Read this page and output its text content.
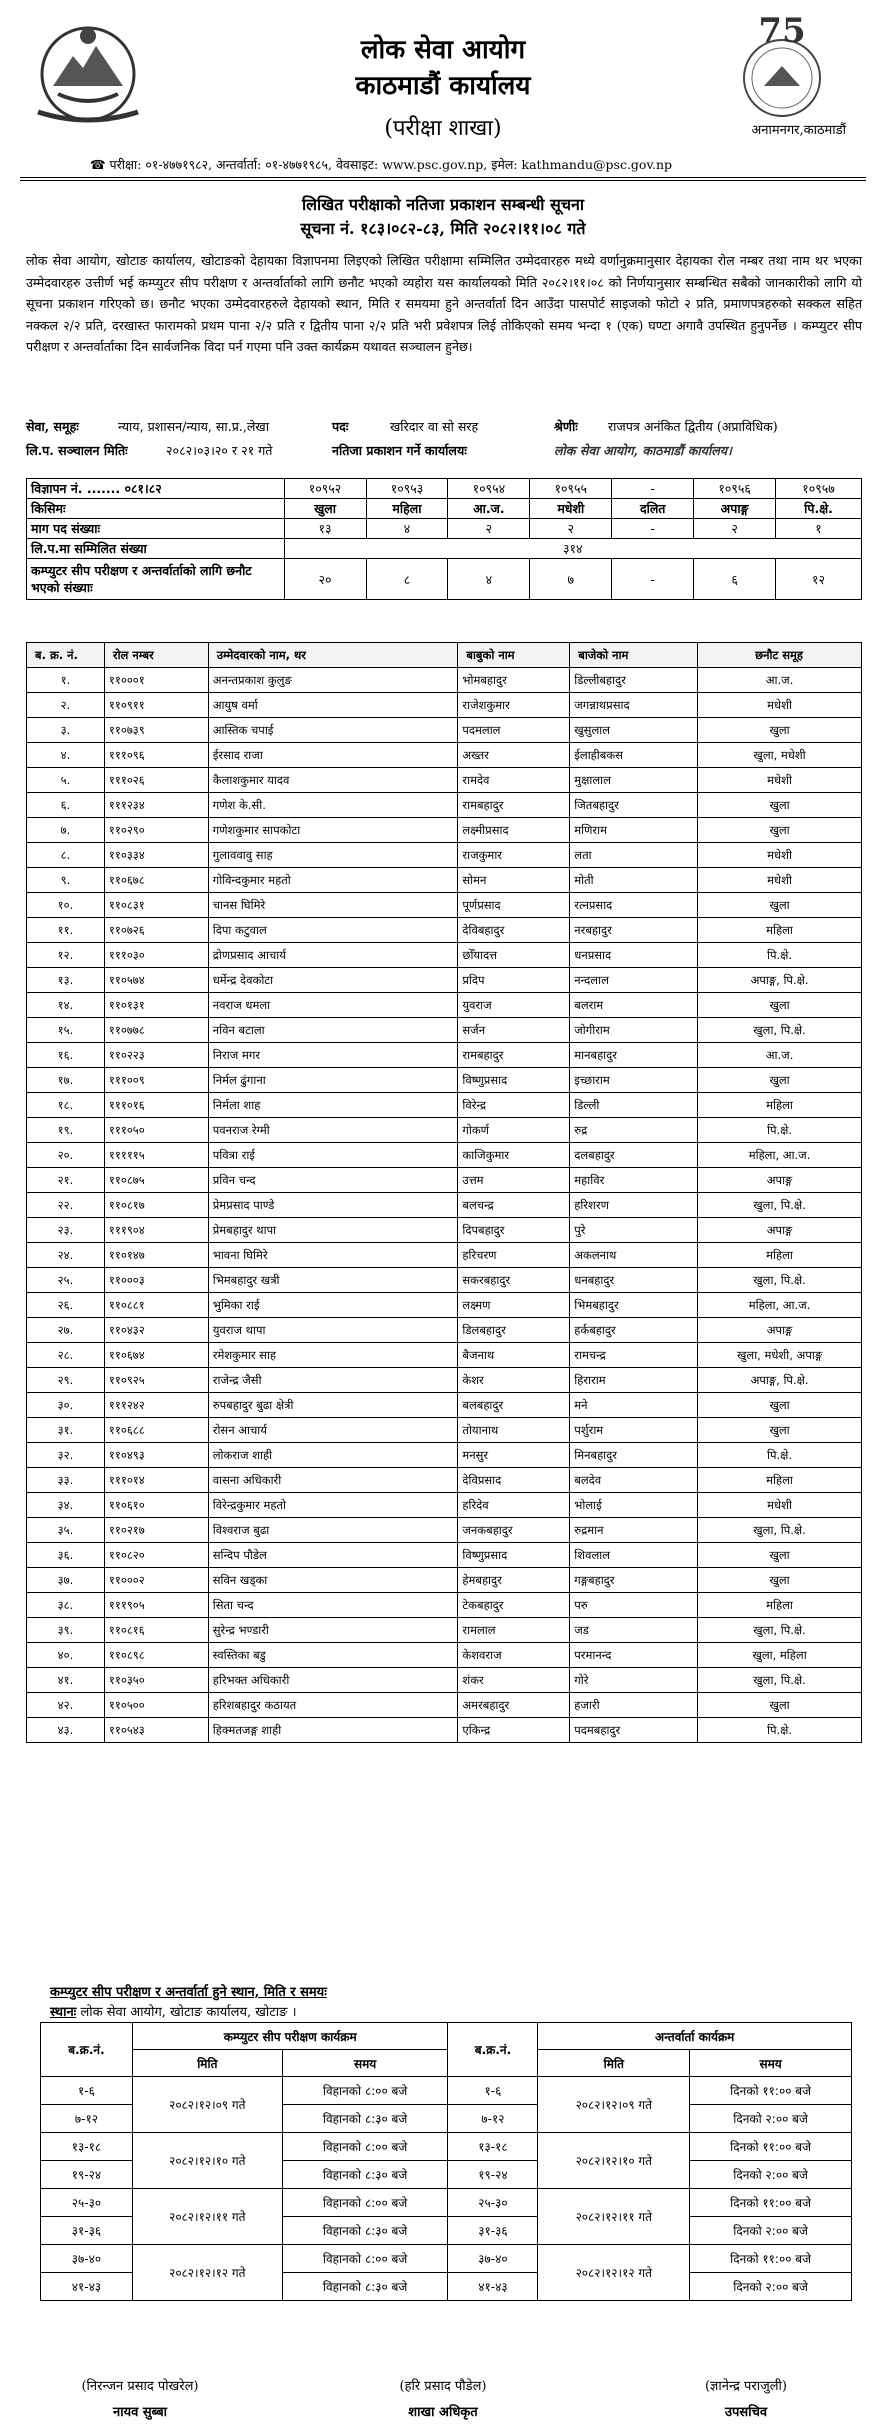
लोक सेवा आयोग
काठमाडौं कार्यालय
(परीक्षा शाखा)
75
अनामनगर,काठमाडौं
☎ परीक्षा: ०१-४७७१९८२, अन्तर्वार्ता: ०१-४७७१९८५, वेवसाइट: www.psc.gov.np, इमेल: kathmandu@psc.gov.np
लिखित परीक्षाको नतिजा प्रकाशन सम्बन्धी सूचना
सूचना नं. १८३।०८२-८३, मिति २०८२।११।०८ गते
लोक सेवा आयोग, खोटाङ कार्यालय, खोटाङको देहायका विज्ञापनमा लिइएको लिखित परीक्षामा सम्मिलित उम्मेदवारहरु मध्ये वर्णानुक्रमानुसार देहायका रोल नम्बर तथा नाम थर भएका उम्मेदवारहरु उत्तीर्ण भई कम्प्युटर सीप परीक्षण र अन्तर्वार्ताको लागि छनौट भएको व्यहोरा यस कार्यालयको मिति २०८२।११।०८ को निर्णयानुसार सम्बन्धित सबैको जानकारीको लागि यो सूचना प्रकाशन गरिएको छ। छनौट भएका उम्मेदवारहरुले देहायको स्थान, मिति र समयमा हुने अन्तर्वार्ता दिन आउँदा पासपोर्ट साइजको फोटो २ प्रति, प्रमाणपत्रहरुको सक्कल सहित नक्कल २/२ प्रति, दरखास्त फारामको प्रथम पाना २/२ प्रति र द्वितीय पाना २/२ प्रति भरी प्रवेशपत्र लिई तोकिएको समय भन्दा १ (एक) घण्टा अगावै उपस्थित हुनुपर्नेछ । कम्प्युटर सीप परीक्षण र अन्तर्वार्ताका दिन सार्वजनिक विदा पर्न गएमा पनि उक्त कार्यक्रम यथावत सञ्चालन हुनेछ।
सेवा, समूहः	न्याय, प्रशासन/न्याय, सा.प्र.,लेखा	पदः	खरिदार वा सो सरह	श्रेणीः राजपत्र अनंकित द्वितीय (अप्राविधिक)
लि.प. सञ्चालन मितिः	२०८२।०३।२० र २१ गते	नतिजा प्रकाशन गर्ने कार्यालयः	लोक सेवा आयोग, काठमाडौं कार्यालय।
विज्ञापन नं. ....... ०८१।८२	१०९५२	१०९५३	१०९५४	१०९५५	-	१०९५६	१०९५७
किसिमः	खुला	महिला	आ.ज.	मधेशी	दलित	अपाङ्ग	पि.क्षे.
माग पद संख्याः	१३	४	२	२	-	२	१
लि.प.मा सम्मिलित संख्या	३१४						
कम्प्युटर सीप परीक्षण र अन्तर्वार्ताको लागि छनौट भएको संख्याः	२०	८	४	७	-	६	१२
ब. क्र. नं.	रोल नम्बर	उम्मेदवारको नाम, थर	बाबुको नाम	बाजेको नाम	छनौट समूह
१.	११०००१	अनन्तप्रकाश कुलुङ	भोमबहादुर	डिल्लीबहादुर	आ.ज.
२.	११०९११	आयुष वर्मा	राजेशकुमार	जगन्नाथप्रसाद	मधेशी
३.	११०७३९	आस्तिक चपाई	पदमलाल	खुसुलाल	खुला
४.	१११०९६	ईरसाद राजा	अख्तर	ईलाहीबकस	खुला, मधेशी
५.	१११०२६	कैलाशकुमार यादव	रामदेव	मुक्षालाल	मधेशी
६.	१११२३४	गणेश के.सी.	रामबहादुर	जितबहादुर	खुला
७.	११०२९०	गणेशकुमार सापकोटा	लक्ष्मीप्रसाद	मणिराम	खुला
८.	११०३३४	गुलाववावु साह	राजकुमार	लता	मधेशी
९.	११०६७८	गोविन्दकुमार महतो	सोमन	मोती	मधेशी
१०.	११०८३१	चानस घिमिरे	पूर्णप्रसाद	रत्नप्रसाद	खुला
११.	११०७२६	दिपा कटुवाल	देविबहादुर	नरबहादुर	महिला
१२.	१११०३०	द्रोणप्रसाद आचार्य	छोँयादत्त	धनप्रसाद	पि.क्षे.
१३.	११०५७४	धर्मेन्द्र देवकोटा	प्रदिप	नन्दलाल	अपाङ्ग, पि.क्षे.
१४.	११०१३१	नवराज धमला	युवराज	बलराम	खुला
१५.	११०७७८	नविन बटाला	सर्जन	जोगीराम	खुला, पि.क्षे.
१६.	११०२२३	निराज मगर	रामबहादुर	मानबहादुर	आ.ज.
१७.	१११००९	निर्मल ढुंगाना	विष्णुप्रसाद	इच्छाराम	खुला
१८.	१११०१६	निर्मला शाह	विरेन्द्र	डिल्ली	महिला
१९.	१११०५०	पवनराज रेग्मी	गोकर्ण	रुद्र	पि.क्षे.
२०.	१११११५	पवित्रा राई	काजिकुमार	दलबहादुर	महिला, आ.ज.
२१.	११०८७५	प्रविन चन्द	उत्तम	महाविर	अपाङ्ग
२२.	११०८१७	प्रेमप्रसाद पाण्डे	बलचन्द्र	हरिशरण	खुला, पि.क्षे.
२३.	१११९०४	प्रेमबहादुर थापा	दिपबहादुर	पुरे	अपाङ्ग
२४.	११०१४७	भावना घिमिरे	हरिचरण	अकलनाथ	महिला
२५.	११०००३	भिमबहादुर खत्री	सकरबहादुर	धनबहादुर	खुला, पि.क्षे.
२६.	११०८८१	भुमिका राई	लक्ष्मण	भिमबहादुर	महिला, आ.ज.
२७.	११०४३२	युवराज थापा	डिलबहादुर	हर्कबहादुर	अपाङ्ग
२८.	११०६७४	रमेशकुमार साह	बैजनाथ	रामचन्द्र	खुला, मधेशी, अपाङ्ग
२९.	११०९२५	राजेन्द्र जैसी	केशर	हिराराम	अपाङ्ग, पि.क्षे.
३०.	१११२४२	रुपबहादुर बुढा क्षेत्री	बलबहादुर	मने	खुला
३१.	११०६८८	रोसन आचार्य	तोयानाथ	पर्शुराम	खुला
३२.	११०४९३	लोकराज शाही	मनसुर	मिनबहादुर	पि.क्षे.
३३.	१११०१४	वासना अधिकारी	देविप्रसाद	बलदेव	महिला
३४.	११०६१०	विरेन्द्रकुमार महतो	हरिदेव	भोलाई	मधेशी
३५.	११०२१७	विश्वराज बुढा	जनकबहादुर	रुद्रमान	खुला, पि.क्षे.
३६.	११०८२०	सन्दिप पौडेल	विष्णुप्रसाद	शिवलाल	खुला
३७.	११०००२	सविन खड्का	हेमबहादुर	गङ्गबहादुर	खुला
३८.	१११९०५	सिता चन्द	टेकबहादुर	परु	महिला
३९.	११०८१६	सुरेन्द्र भण्डारी	रामलाल	जड	खुला, पि.क्षे.
४०.	११०८९८	स्वस्तिका बडु	केशवराज	परमानन्द	खुला, महिला
४१.	११०३५०	हरिभक्त अधिकारी	शंकर	गोरे	खुला, पि.क्षे.
४२.	११०५००	हरिशबहादुर कठायत	अमरबहादुर	हजारी	खुला
४३.	११०५४३	हिक्मतजङ्ग शाही	एकिन्द्र	पदमबहादुर	पि.क्षे.
कम्प्युटर सीप परीक्षण र अन्तर्वार्ता हुने स्थान, मिति र समयः
स्थानः लोक सेवा आयोग, खोटाङ कार्यालय, खोटाङ ।
ब.क्र.नं.	कम्प्युटर सीप परीक्षण कार्यक्रम		ब.क्र.नं.	अन्तर्वार्ता कार्यक्रम	
	मिति	समय		मिति	समय
१-६	२०८२।१२।०९ गते	विहानको ८:०० बजे	१-६	२०८२।१२।०९ गते	दिनको ११:०० बजे
७-१२		विहानको ८:३० बजे	७-१२		दिनको २:०० बजे
१३-१८	२०८२।१२।१० गते	विहानको ८:०० बजे	१३-१८	२०८२।१२।१० गते	दिनको ११:०० बजे
१९-२४		विहानको ८:३० बजे	१९-२४		दिनको २:०० बजे
२५-३०	२०८२।१२।११ गते	विहानको ८:०० बजे	२५-३०	२०८२।१२।११ गते	दिनको ११:०० बजे
३१-३६		विहानको ८:३० बजे	३१-३६		दिनको २:०० बजे
३७-४०	२०८२।१२।१२ गते	विहानको ८:०० बजे	३७-४०	२०८२।१२।१२ गते	दिनको ११:०० बजे
४१-४३		विहानको ८:३० बजे	४१-४३		दिनको २:०० बजे
(निरन्जन प्रसाद पोखरेल)
नायव सुब्बा
(हरि प्रसाद पौडेल)
शाखा अधिकृत
(ज्ञानेन्द्र पराजुली)
उपसचिव
